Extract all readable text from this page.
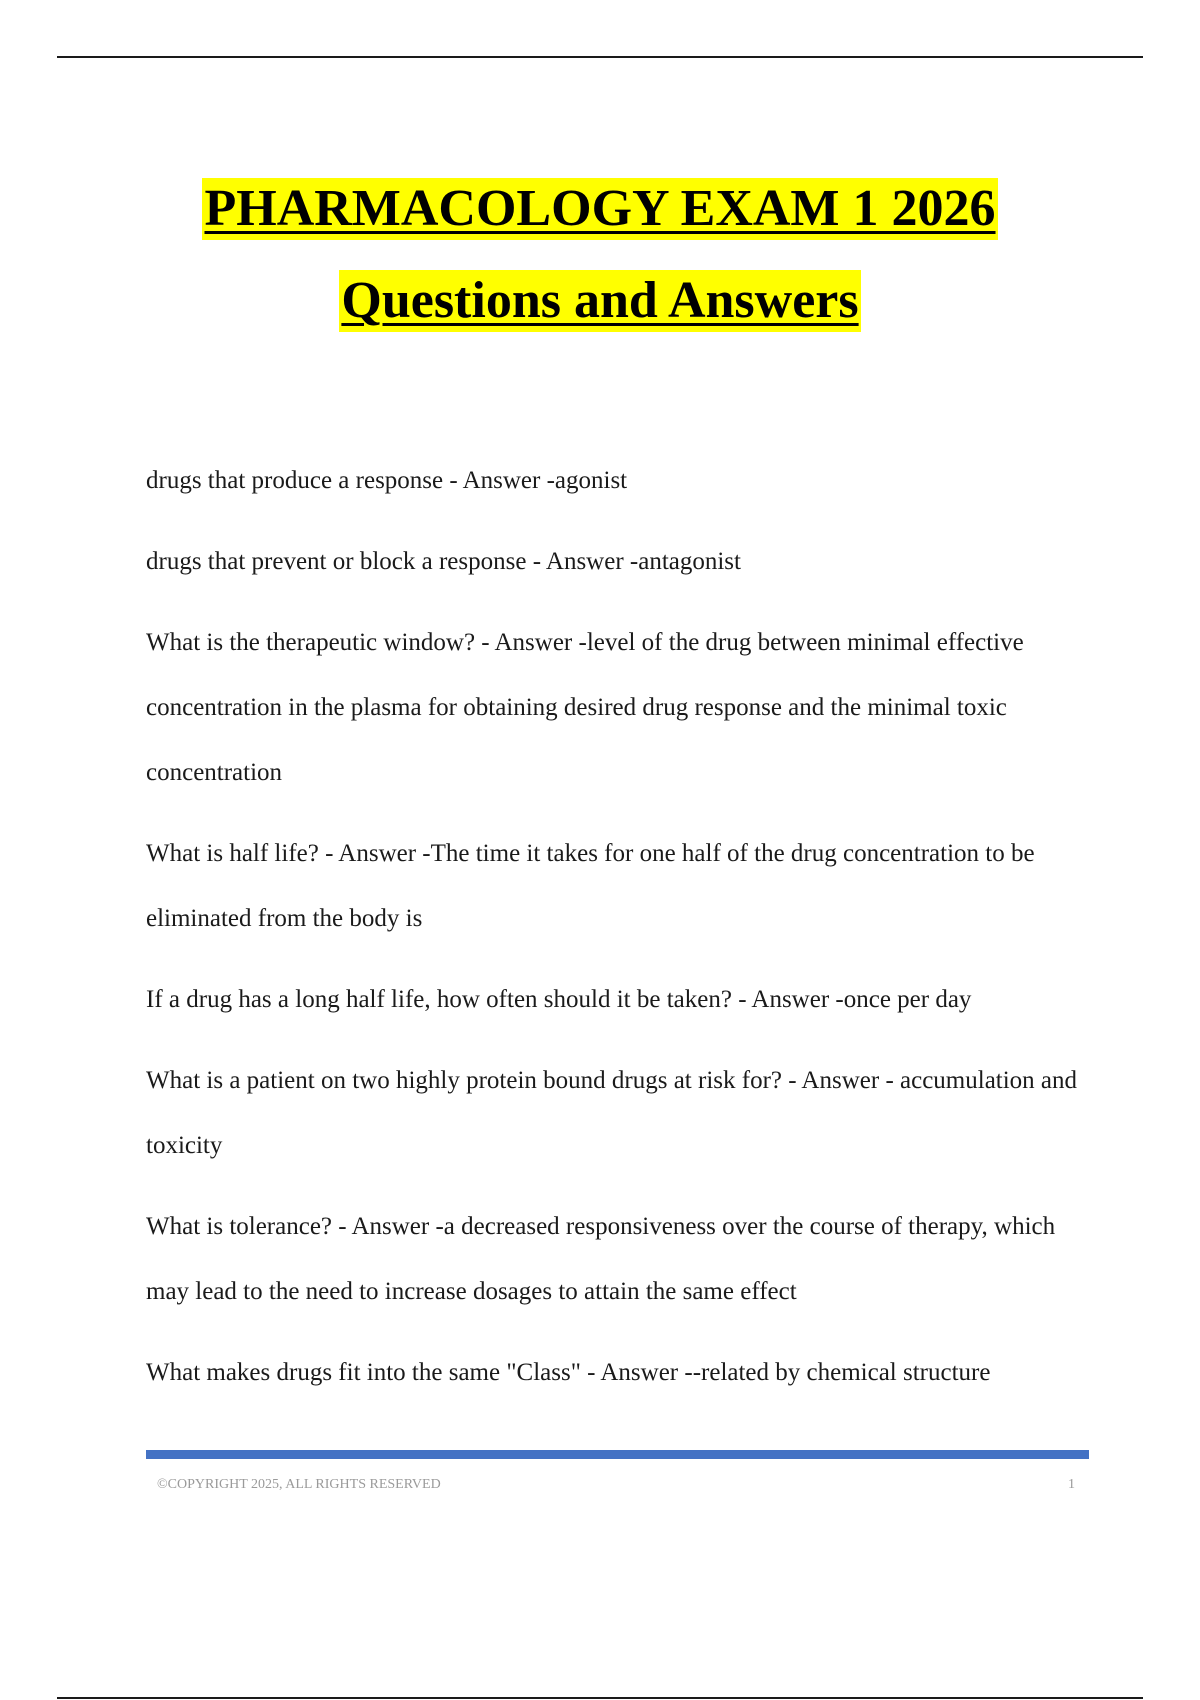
PHARMACOLOGY EXAM 1 2026
Questions and Answers
drugs that produce a response - Answer -agonist
drugs that prevent or block a response - Answer -antagonist
What is the therapeutic window? - Answer -level of the drug between minimal effective concentration in the plasma for obtaining desired drug response and the minimal toxic concentration
What is half life? - Answer -The time it takes for one half of the drug concentration to be eliminated from the body is
If a drug has a long half life, how often should it be taken? - Answer -once per day
What is a patient on two highly protein bound drugs at risk for? - Answer - accumulation and toxicity
What is tolerance? - Answer -a decreased responsiveness over the course of therapy, which may lead to the need to increase dosages to attain the same effect
What makes drugs fit into the same "Class" - Answer --related by chemical structure
©COPYRIGHT 2025, ALL RIGHTS RESERVED	1
